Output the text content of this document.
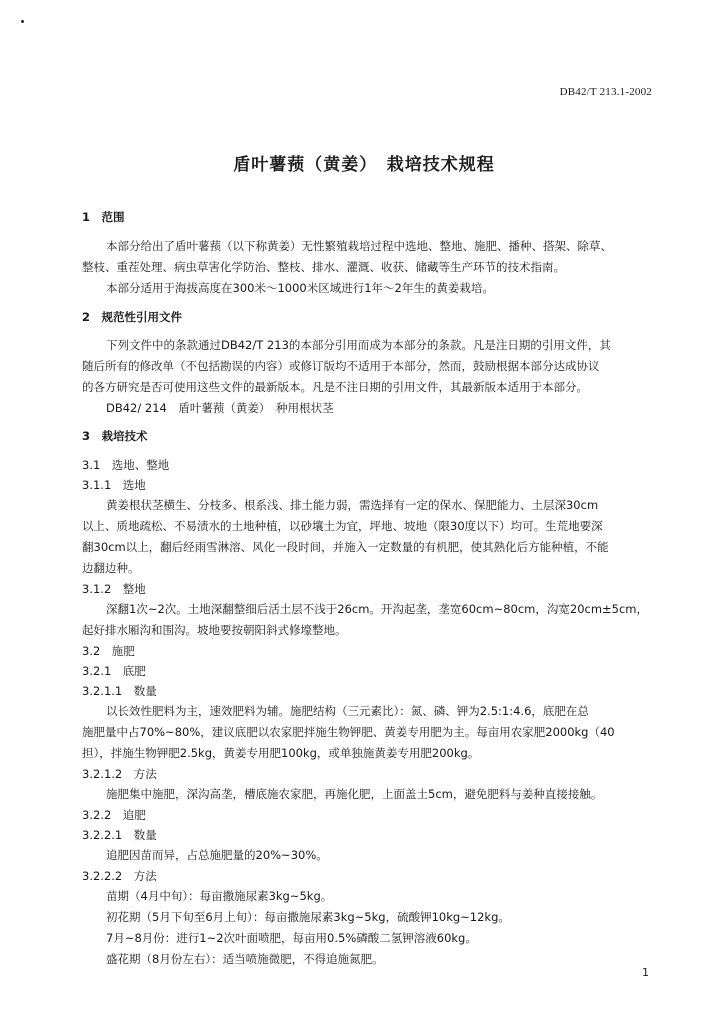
DB42/T 213.1-2002
盾叶薯蓣（黄姜）　栽培技术规程
1　范围
本部分给出了盾叶薯蓣（以下称黄姜）无性繁殖栽培过程中选地、整地、施肥、播种、搭架、除草、
整枝、重茬处理、病虫草害化学防治、整枝、排水、灌溉、收获、储藏等生产环节的技术指南。
本部分适用于海拔高度在300米～1000米区域进行1年～2年生的黄姜栽培。
2　规范性引用文件
下列文件中的条款通过DB42/T 213的本部分引用而成为本部分的条款。凡是注日期的引用文件，其
随后所有的修改单（不包括勘误的内容）或修订版均不适用于本部分，然而，鼓励根据本部分达成协议
的各方研究是否可使用这些文件的最新版本。凡是不注日期的引用文件，其最新版本适用于本部分。
DB42/ 214　盾叶薯蓣（黄姜）　种用根状茎
3　栽培技术
3.1　选地、整地
3.1.1　选地
黄姜根状茎横生、分枝多、根系浅、排土能力弱，需选择有一定的保水、保肥能力、土层深30cm
以上、质地疏松、不易渍水的土地种植，以砂壤土为宜，坪地、坡地（限30度以下）均可。生荒地要深
翻30cm以上，翻后经雨雪淋溶、风化一段时间，并施入一定数量的有机肥，使其熟化后方能种植，不能
边翻边种。
3.1.2　整地
深翻1次~2次。土地深翻整细后活土层不浅于26cm。开沟起垄，垄宽60cm~80cm，沟宽20cm±5cm，
起好排水厢沟和围沟。坡地要按朝阳斜式修壕整地。
3.2　施肥
3.2.1　底肥
3.2.1.1　数量
以长效性肥料为主，速效肥料为辅。施肥结构（三元素比）：氮、磷、钾为2.5:1:4.6，底肥在总
施肥量中占70%~80%，建议底肥以农家肥拌施生物钾肥、黄姜专用肥为主。每亩用农家肥2000kg（40
担），拌施生物钾肥2.5kg，黄姜专用肥100kg，或单独施黄姜专用肥200kg。
3.2.1.2　方法
施肥集中施肥，深沟高垄，槽底施农家肥，再施化肥，上面盖土5cm，避免肥料与姜种直接接触。
3.2.2　追肥
3.2.2.1　数量
追肥因苗而异，占总施肥量的20%~30%。
3.2.2.2　方法
苗期（4月中旬）：每亩撒施尿素3kg~5kg。
初花期（5月下旬至6月上旬）：每亩撒施尿素3kg~5kg，硫酸钾10kg~12kg。
7月~8月份：进行1~2次叶面喷肥，每亩用0.5%磷酸二氢钾溶液60kg。
盛花期（8月份左右）：适当喷施微肥，不得追施氮肥。
1
